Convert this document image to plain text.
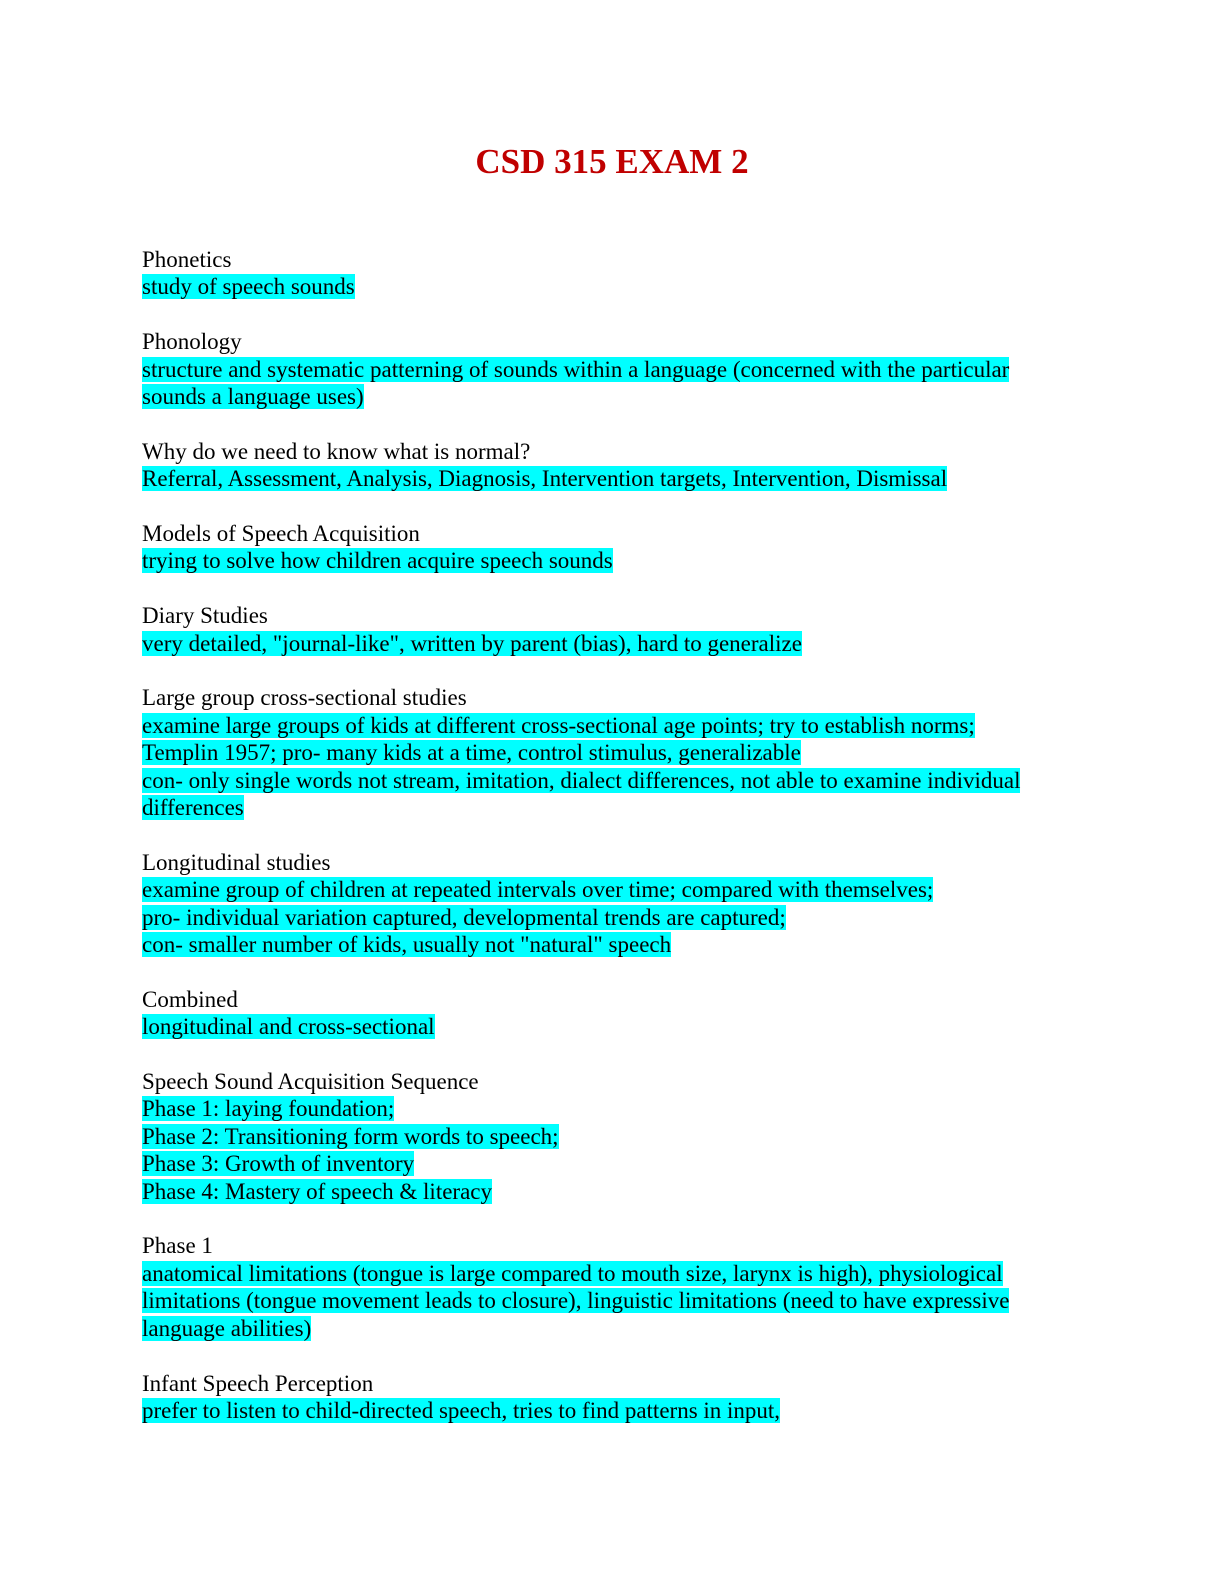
CSD 315 EXAM 2
Phonetics
study of speech sounds
Phonology
structure and systematic patterning of sounds within a language (concerned with the particular
sounds a language uses)
Why do we need to know what is normal?
Referral, Assessment, Analysis, Diagnosis, Intervention targets, Intervention, Dismissal
Models of Speech Acquisition
trying to solve how children acquire speech sounds
Diary Studies
very detailed, "journal-like", written by parent (bias), hard to generalize
Large group cross-sectional studies
examine large groups of kids at different cross-sectional age points; try to establish norms;
Templin 1957; pro- many kids at a time, control stimulus, generalizable
con- only single words not stream, imitation, dialect differences, not able to examine individual
differences
Longitudinal studies
examine group of children at repeated intervals over time; compared with themselves;
pro- individual variation captured, developmental trends are captured;
con- smaller number of kids, usually not "natural" speech
Combined
longitudinal and cross-sectional
Speech Sound Acquisition Sequence
Phase 1: laying foundation;
Phase 2: Transitioning form words to speech;
Phase 3: Growth of inventory
Phase 4: Mastery of speech & literacy
Phase 1
anatomical limitations (tongue is large compared to mouth size, larynx is high), physiological
limitations (tongue movement leads to closure), linguistic limitations (need to have expressive
language abilities)
Infant Speech Perception
prefer to listen to child-directed speech, tries to find patterns in input,
